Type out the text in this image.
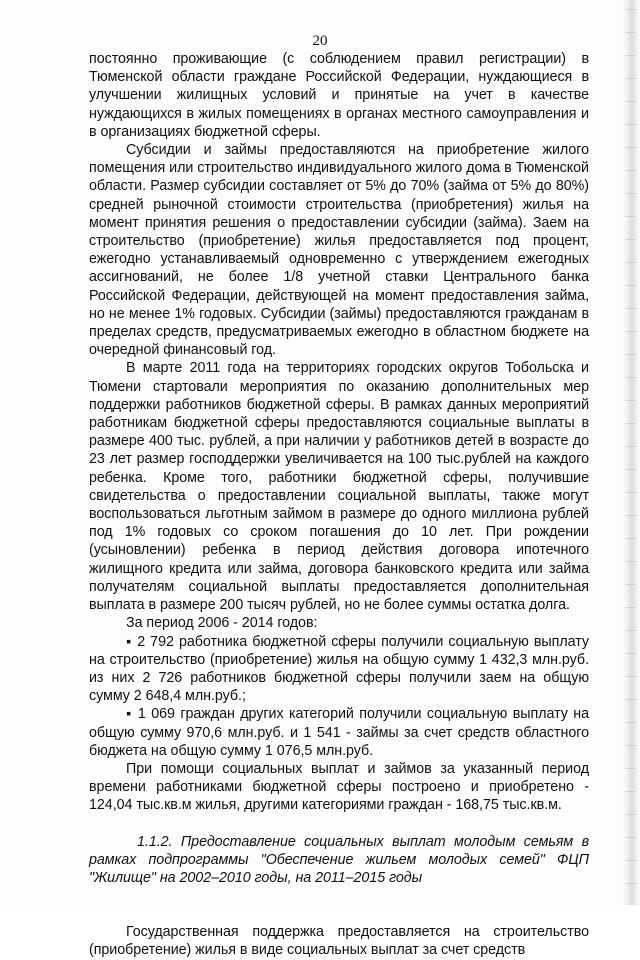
20

постоянно проживающие (с соблюдением правил регистрации) в Тюменской области граждане Российской Федерации, нуждающиеся в улучшении жилищных условий и принятые на учет в качестве нуждающихся в жилых помещениях в органах местного самоуправления и в организациях бюджетной сферы.

Субсидии и займы предоставляются на приобретение жилого помещения или строительство индивидуального жилого дома в Тюменской области. Размер субсидии составляет от 5% до 70% (займа от 5% до 80%) средней рыночной стоимости строительства (приобретения) жилья на момент принятия решения о предоставлении субсидии (займа). Заем на строительство (приобретение) жилья предоставляется под процент, ежегодно устанавливаемый одновременно с утверждением ежегодных ассигнований, не более 1/8 учетной ставки Центрального банка Российской Федерации, действующей на момент предоставления займа, но не менее 1% годовых. Субсидии (займы) предоставляются гражданам в пределах средств, предусматриваемых ежегодно в областном бюджете на очередной финансовый год.

В марте 2011 года на территориях городских округов Тобольска и Тюмени стартовали мероприятия по оказанию дополнительных мер поддержки работников бюджетной сферы. В рамках данных мероприятий работникам бюджетной сферы предоставляются социальные выплаты в размере 400 тыс. рублей, а при наличии у работников детей в возрасте до 23 лет размер господдержки увеличивается на 100 тыс.рублей на каждого ребенка. Кроме того, работники бюджетной сферы, получившие свидетельства о предоставлении социальной выплаты, также могут воспользоваться льготным займом в размере до одного миллиона рублей под 1% годовых со сроком погашения до 10 лет. При рождении (усыновлении) ребенка в период действия договора ипотечного жилищного кредита или займа, договора банковского кредита или займа получателям социальной выплаты предоставляется дополнительная выплата в размере 200 тысяч рублей, но не более суммы остатка долга.

За период 2006 - 2014 годов:

▪ 2 792 работника бюджетной сферы получили социальную выплату на строительство (приобретение) жилья на общую сумму 1 432,3 млн.руб. из них 2 726 работников бюджетной сферы получили заем на общую сумму 2 648,4 млн.руб.;

▪ 1 069 граждан других категорий получили социальную выплату на общую сумму 970,6 млн.руб. и 1 541 - займы за счет средств областного бюджета на общую сумму 1 076,5 млн.руб.

При помощи социальных выплат и займов за указанный период времени работниками бюджетной сферы построено и приобретено - 124,04 тыс.кв.м жилья, другими категориями граждан - 168,75 тыс.кв.м.

1.1.2. Предоставление социальных выплат молодым семьям в рамках подпрограммы "Обеспечение жильем молодых семей" ФЦП "Жилище" на 2002–2010 годы, на 2011–2015 годы

Государственная поддержка предоставляется на строительство (приобретение) жилья в виде социальных выплат за счет средств
